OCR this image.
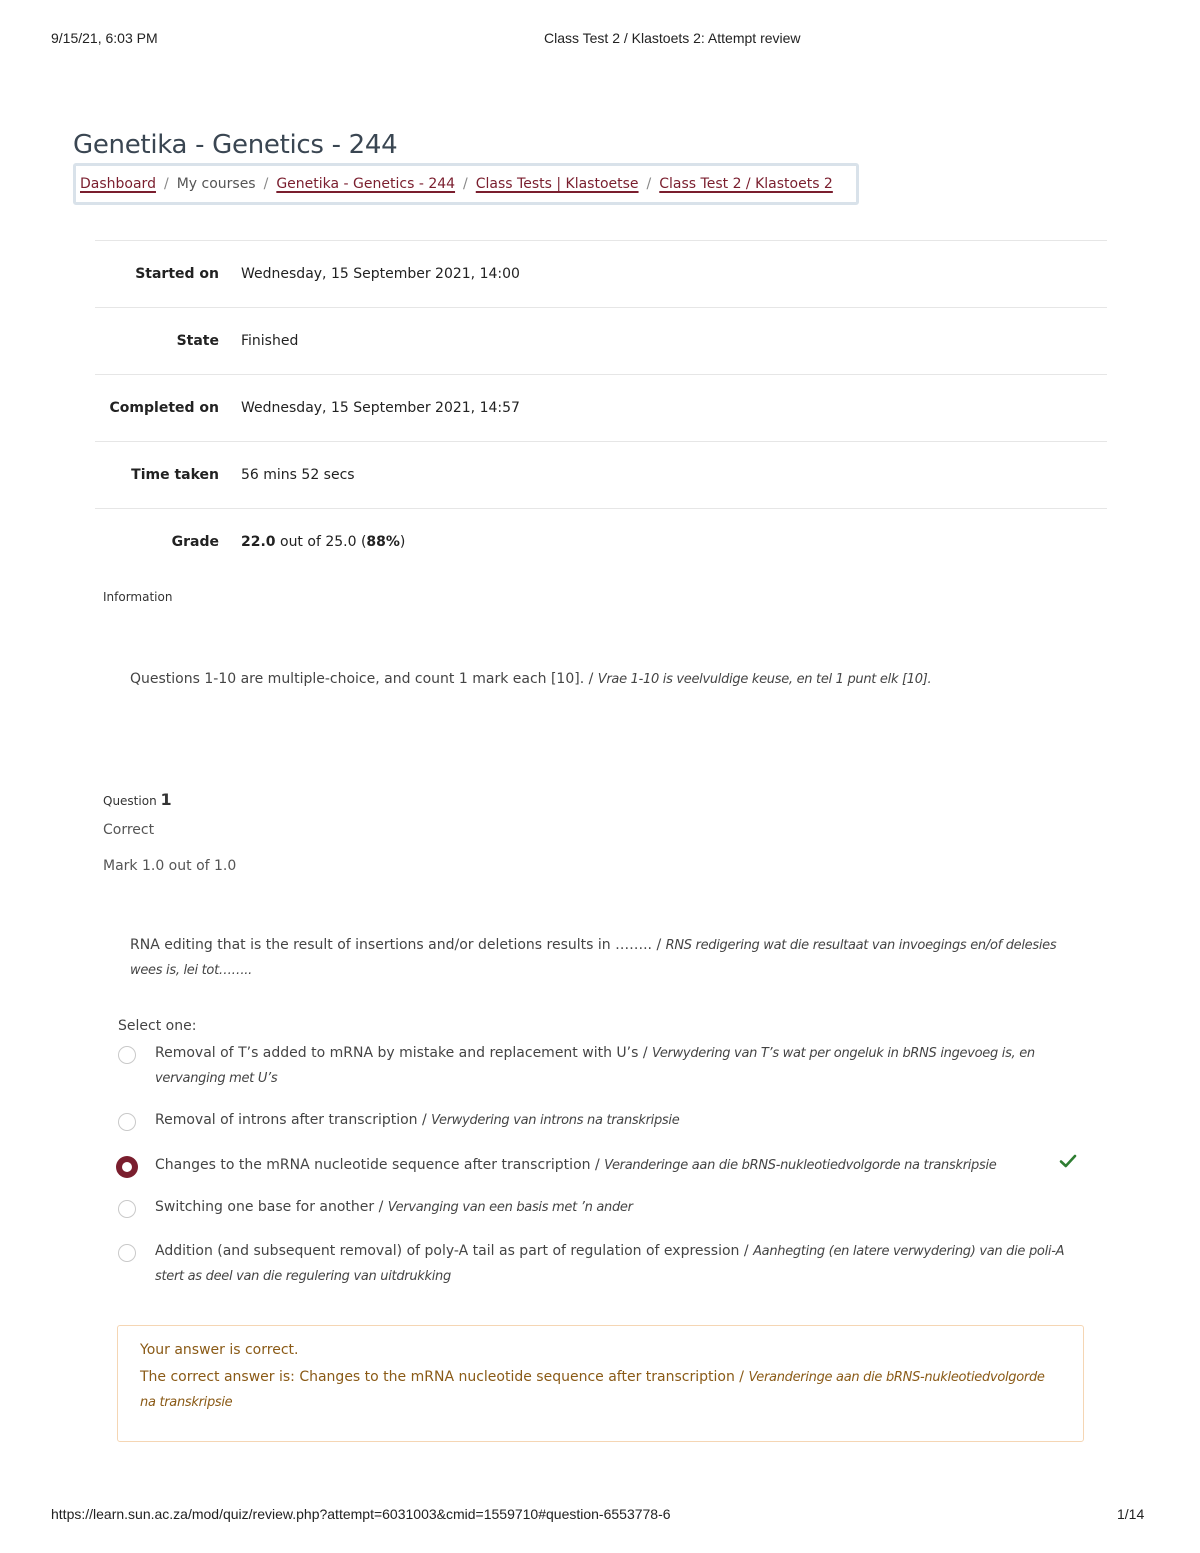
9/15/21, 6:03 PM	Class Test 2 / Klastoets 2: Attempt review
Genetika - Genetics - 244
Dashboard / My courses / Genetika - Genetics - 244 / Class Tests | Klastoetse / Class Test 2 / Klastoets 2
Started on	Wednesday, 15 September 2021, 14:00
State	Finished
Completed on	Wednesday, 15 September 2021, 14:57
Time taken	56 mins 52 secs
Grade	22.0 out of 25.0 (88%)
Information
Questions 1-10 are multiple-choice, and count 1 mark each [10]. / Vrae 1-10 is veelvuldige keuse, en tel 1 punt elk [10].
Question 1
Correct
Mark 1.0 out of 1.0
RNA editing that is the result of insertions and/or deletions results in …….. / RNS redigering wat die resultaat van invoegings en/of delesies wees is, lei tot……..
Select one:
Removal of T’s added to mRNA by mistake and replacement with U’s / Verwydering van T’s wat per ongeluk in bRNS ingevoeg is, en vervanging met U’s
Removal of introns after transcription / Verwydering van introns na transkripsie
Changes to the mRNA nucleotide sequence after transcription / Veranderinge aan die bRNS-nukleotiedvolgorde na transkripsie
Switching one base for another / Vervanging van een basis met ’n ander
Addition (and subsequent removal) of poly-A tail as part of regulation of expression / Aanhegting (en latere verwydering) van die poli-A stert as deel van die regulering van uitdrukking
Your answer is correct.
The correct answer is: Changes to the mRNA nucleotide sequence after transcription / Veranderinge aan die bRNS-nukleotiedvolgorde na transkripsie
https://learn.sun.ac.za/mod/quiz/review.php?attempt=6031003&cmid=1559710#question-6553778-6	1/14
